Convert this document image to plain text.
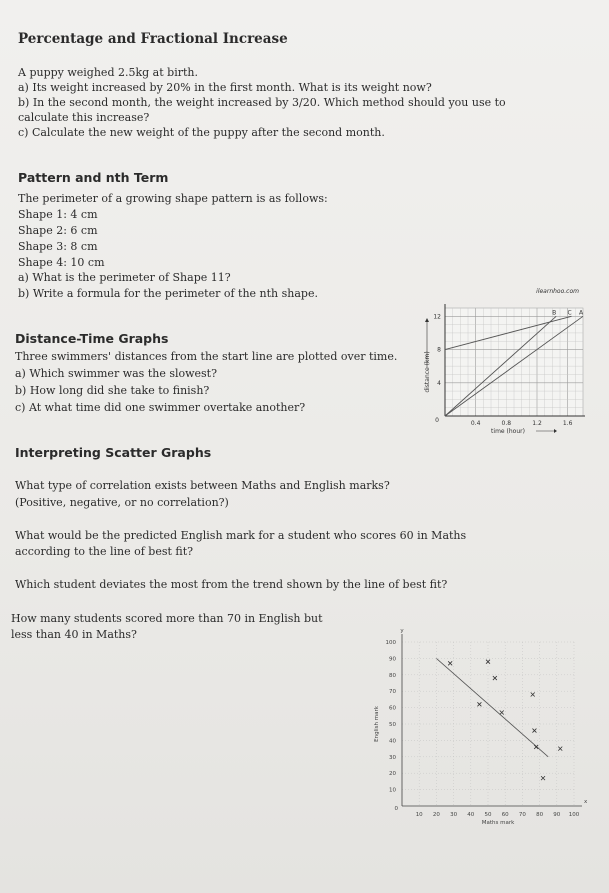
Percentage and Fractional Increase
A puppy weighed 2.5kg at birth.
a) Its weight increased by 20% in the first month. What is its weight now?
b) In the second month, the weight increased by 3/20. Which method should you use to
calculate this increase?
c) Calculate the new weight of the puppy after the second month.
Pattern and nth Term
The perimeter of a growing shape pattern is as follows:
Shape 1: 4 cm
Shape 2: 6 cm
Shape 3: 8 cm
Shape 4: 10 cm
a) What is the perimeter of Shape 11?
b) Write a formula for the perimeter of the nth shape.
Distance-Time Graphs
Three swimmers' distances from the start line are plotted over time.
a) Which swimmer was the slowest?
b) How long did she take to finish?
c) At what time did one swimmer overtake another?
A
B C
0.4	0.8	1.2	1.6
4
8
12
0
time (hour)
distance (km)
ilearnhoo.com
Interpreting Scatter Graphs
What type of correlation exists between Maths and English marks?
(Positive, negative, or no correlation?)
What would be the predicted English mark for a student who scores 60 in Maths
according to the line of best fit?
Which student deviates the most from the trend shown by the line of best fit?
How many students scored more than 70 in English but
less than 40 in Maths?	y
x
10 20 30 40 50 60 70 80 90 100
10
20
30
40
50
60
70
80
90
100
0
Maths mark
English mark
